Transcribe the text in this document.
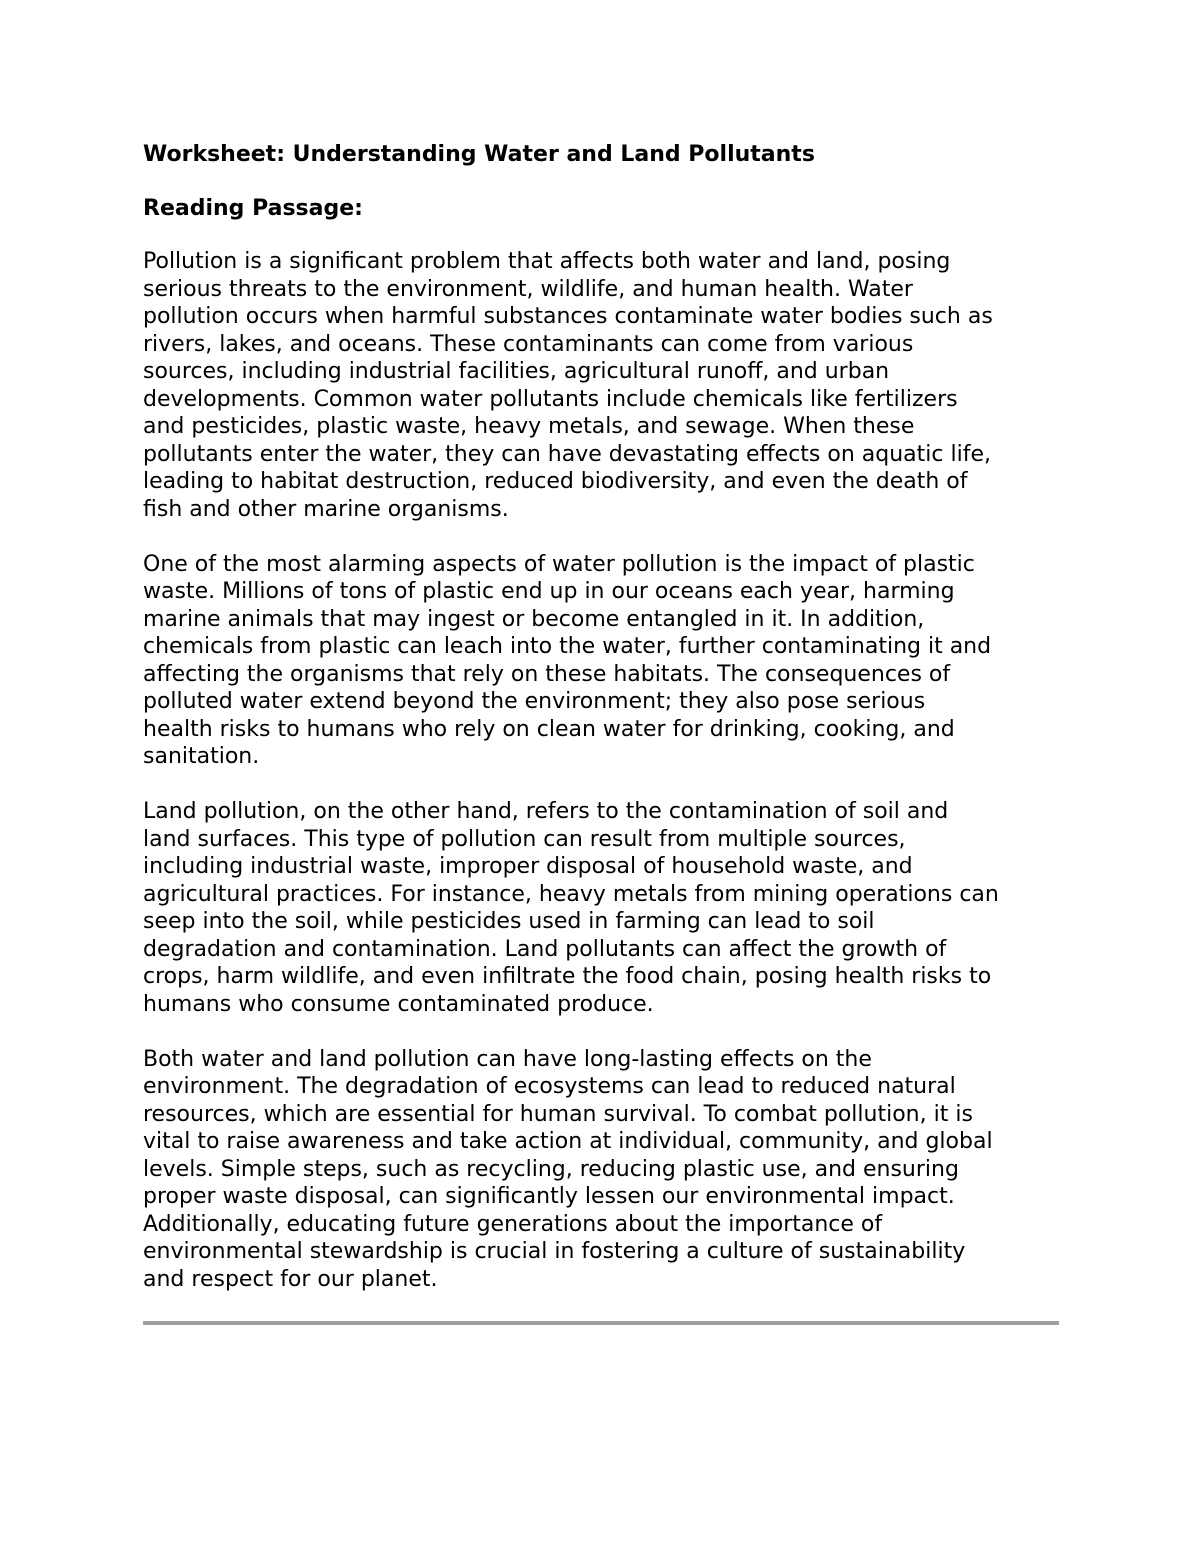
Worksheet: Understanding Water and Land Pollutants
Reading Passage:

Pollution is a significant problem that affects both water and land, posing
serious threats to the environment, wildlife, and human health. Water
pollution occurs when harmful substances contaminate water bodies such as
rivers, lakes, and oceans. These contaminants can come from various
sources, including industrial facilities, agricultural runoff, and urban
developments. Common water pollutants include chemicals like fertilizers
and pesticides, plastic waste, heavy metals, and sewage. When these
pollutants enter the water, they can have devastating effects on aquatic life,
leading to habitat destruction, reduced biodiversity, and even the death of
fish and other marine organisms.

One of the most alarming aspects of water pollution is the impact of plastic
waste. Millions of tons of plastic end up in our oceans each year, harming
marine animals that may ingest or become entangled in it. In addition,
chemicals from plastic can leach into the water, further contaminating it and
affecting the organisms that rely on these habitats. The consequences of
polluted water extend beyond the environment; they also pose serious
health risks to humans who rely on clean water for drinking, cooking, and
sanitation.

Land pollution, on the other hand, refers to the contamination of soil and
land surfaces. This type of pollution can result from multiple sources,
including industrial waste, improper disposal of household waste, and
agricultural practices. For instance, heavy metals from mining operations can
seep into the soil, while pesticides used in farming can lead to soil
degradation and contamination. Land pollutants can affect the growth of
crops, harm wildlife, and even infiltrate the food chain, posing health risks to
humans who consume contaminated produce.

Both water and land pollution can have long-lasting effects on the
environment. The degradation of ecosystems can lead to reduced natural
resources, which are essential for human survival. To combat pollution, it is
vital to raise awareness and take action at individual, community, and global
levels. Simple steps, such as recycling, reducing plastic use, and ensuring
proper waste disposal, can significantly lessen our environmental impact.
Additionally, educating future generations about the importance of
environmental stewardship is crucial in fostering a culture of sustainability
and respect for our planet.
